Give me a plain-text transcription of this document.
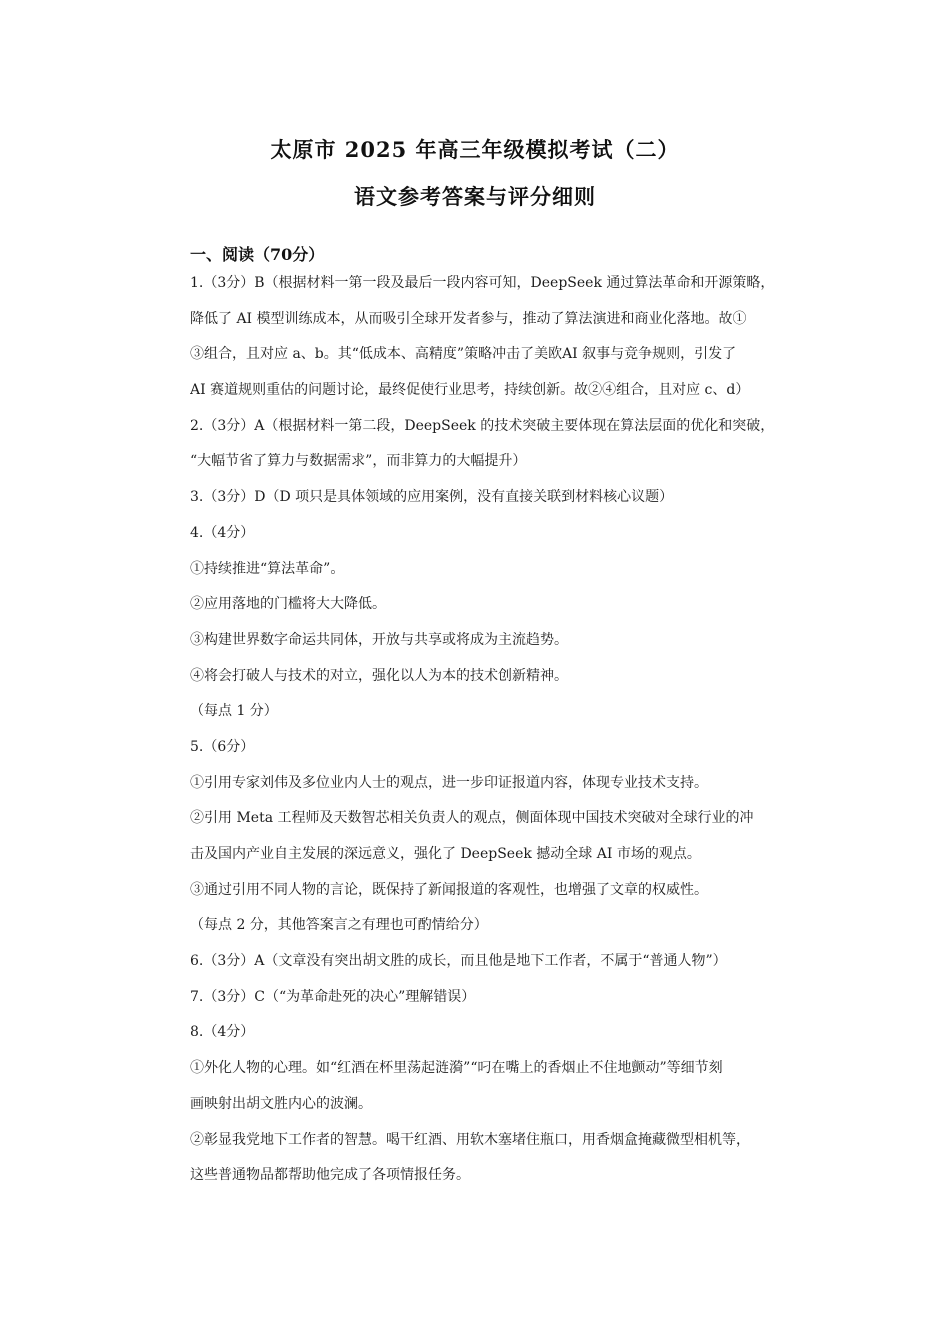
太原市 2025 年高三年级模拟考试（二）
语文参考答案与评分细则
一、阅读（70分）
1.（3分）B（根据材料一第一段及最后一段内容可知，DeepSeek 通过算法革命和开源策略，
降低了 AI 模型训练成本，从而吸引全球开发者参与，推动了算法演进和商业化落地。故①
③组合，且对应 a、b。其“低成本、高精度”策略冲击了美欧AI 叙事与竞争规则，引发了
AI 赛道规则重估的问题讨论，最终促使行业思考，持续创新。故②④组合，且对应 c、d）
2.（3分）A（根据材料一第二段，DeepSeek 的技术突破主要体现在算法层面的优化和突破，
“大幅节省了算力与数据需求”，而非算力的大幅提升）
3.（3分）D（D 项只是具体领域的应用案例，没有直接关联到材料核心议题）
4.（4分）
①持续推进“算法革命”。
②应用落地的门槛将大大降低。
③构建世界数字命运共同体，开放与共享或将成为主流趋势。
④将会打破人与技术的对立，强化以人为本的技术创新精神。
（每点 1 分）
5.（6分）
①引用专家刘伟及多位业内人士的观点，进一步印证报道内容，体现专业技术支持。
②引用 Meta 工程师及天数智芯相关负责人的观点，侧面体现中国技术突破对全球行业的冲
击及国内产业自主发展的深远意义，强化了 DeepSeek 撼动全球 AI 市场的观点。
③通过引用不同人物的言论，既保持了新闻报道的客观性，也增强了文章的权威性。
（每点 2 分，其他答案言之有理也可酌情给分）
6.（3分）A（文章没有突出胡文胜的成长，而且他是地下工作者，不属于“普通人物”）
7.（3分）C（“为革命赴死的决心”理解错误）
8.（4分）
①外化人物的心理。如“红酒在杯里荡起涟漪”“叼在嘴上的香烟止不住地颤动”等细节刻
画映射出胡文胜内心的波澜。
②彰显我党地下工作者的智慧。喝干红酒、用软木塞堵住瓶口，用香烟盒掩藏微型相机等，
这些普通物品都帮助他完成了各项情报任务。
